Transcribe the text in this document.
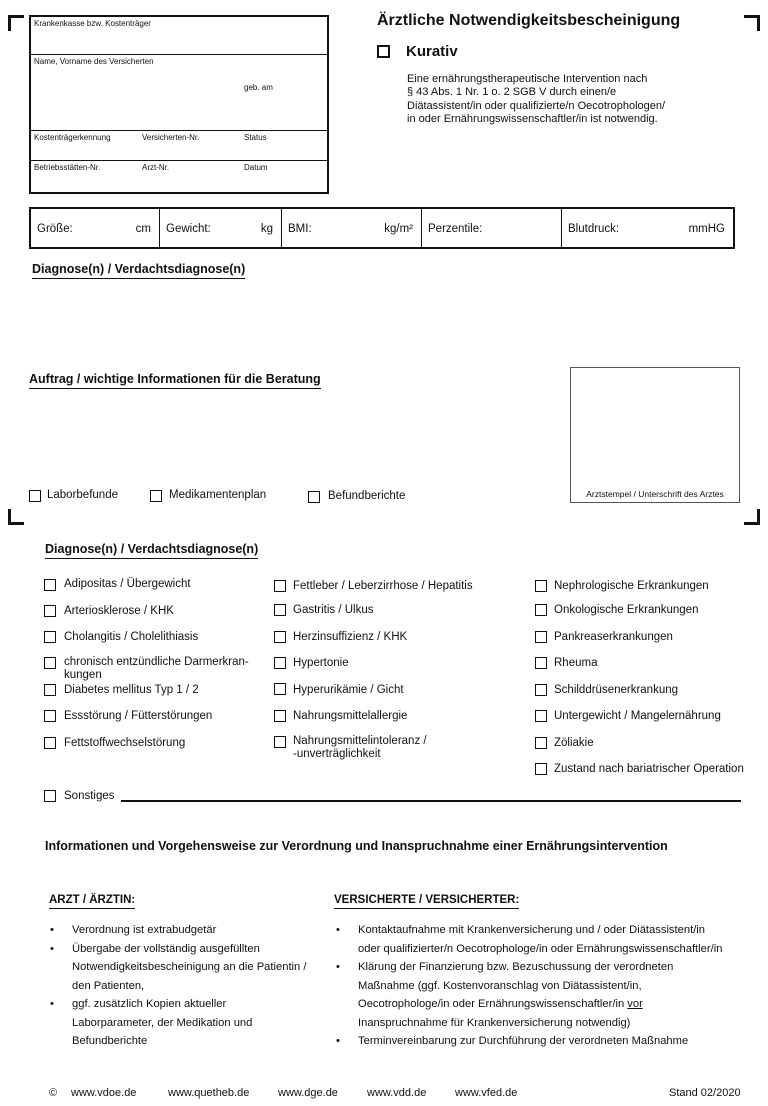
Krankenkasse bzw. Kostenträger
Name, Vorname des Versicherten
geb. am
Kostenträgerkennung	Versicherten-Nr.	Status
Betriebsstätten-Nr.	Arzt-Nr.	Datum
Ärztliche Notwendigkeitsbescheinigung
Kurativ
Eine ernährungstherapeutische Intervention nach
§ 43 Abs. 1 Nr. 1 o. 2 SGB V durch einen/e
Diätassistent/in oder qualifizierte/n Oecotrophologen/
in oder Ernährungswissenschaftler/in ist notwendig.
Größe:	cm Gewicht:	kg BMI:	kg/m² Perzentile:	Blutdruck:	mmHG
Diagnose(n) / Verdachtsdiagnose(n)
Auftrag / wichtige Informationen für die Beratung
Laborbefunde	Medikamentenplan	Befundberichte	Arztstempel / Unterschrift des Arztes
Diagnose(n) / Verdachtsdiagnose(n)
Adipositas / Übergewicht
Arteriosklerose / KHK
Cholangitis / Cholelithiasis
chronisch entzündliche Darmerkran-
kungen
Diabetes mellitus Typ 1 / 2
Essstörung / Fütterstörungen
Fettstoffwechselstörung
Fettleber / Leberzirrhose / Hepatitis
Gastritis / Ulkus
Herzinsuffizienz / KHK
Hypertonie
Hyperurikämie / Gicht
Nahrungsmittelallergie
Nahrungsmittelintoleranz /
-unverträglichkeit
Nephrologische Erkrankungen
Onkologische Erkrankungen
Pankreaserkrankungen
Rheuma
Schilddrüsenerkrankung
Untergewicht / Mangelernährung
Zöliakie
Zustand nach bariatrischer Operation
Sonstiges
Informationen und Vorgehensweise zur Verordnung und Inanspruchnahme einer Ernährungsintervention
ARZT / ÄRZTIN:
• Verordnung ist extrabudgetär
• Übergabe der vollständig ausgefüllten Notwendigkeitsbescheinigung an die Patientin / den Patienten,
• ggf. zusätzlich Kopien aktueller Laborparameter, der Medikation und Befundberichte
VERSICHERTE / VERSICHERTER:
• Kontaktaufnahme mit Krankenversicherung und / oder Diätassistent/in oder qualifizierter/n Oecotrophologe/in oder Ernährungswissenschaftler/in
• Klärung der Finanzierung bzw. Bezuschussung der verordneten Maßnahme (ggf. Kostenvoranschlag von Diätassistent/in, Oecotrophologe/in oder Ernährungswissenschaftler/in vor Inanspruchnahme für Krankenversicherung notwendig)
• Terminvereinbarung zur Durchführung der verordneten Maßnahme
© www.vdoe.de	www.quetheb.de	www.dge.de	www.vdd.de	www.vfed.de	Stand 02/2020
